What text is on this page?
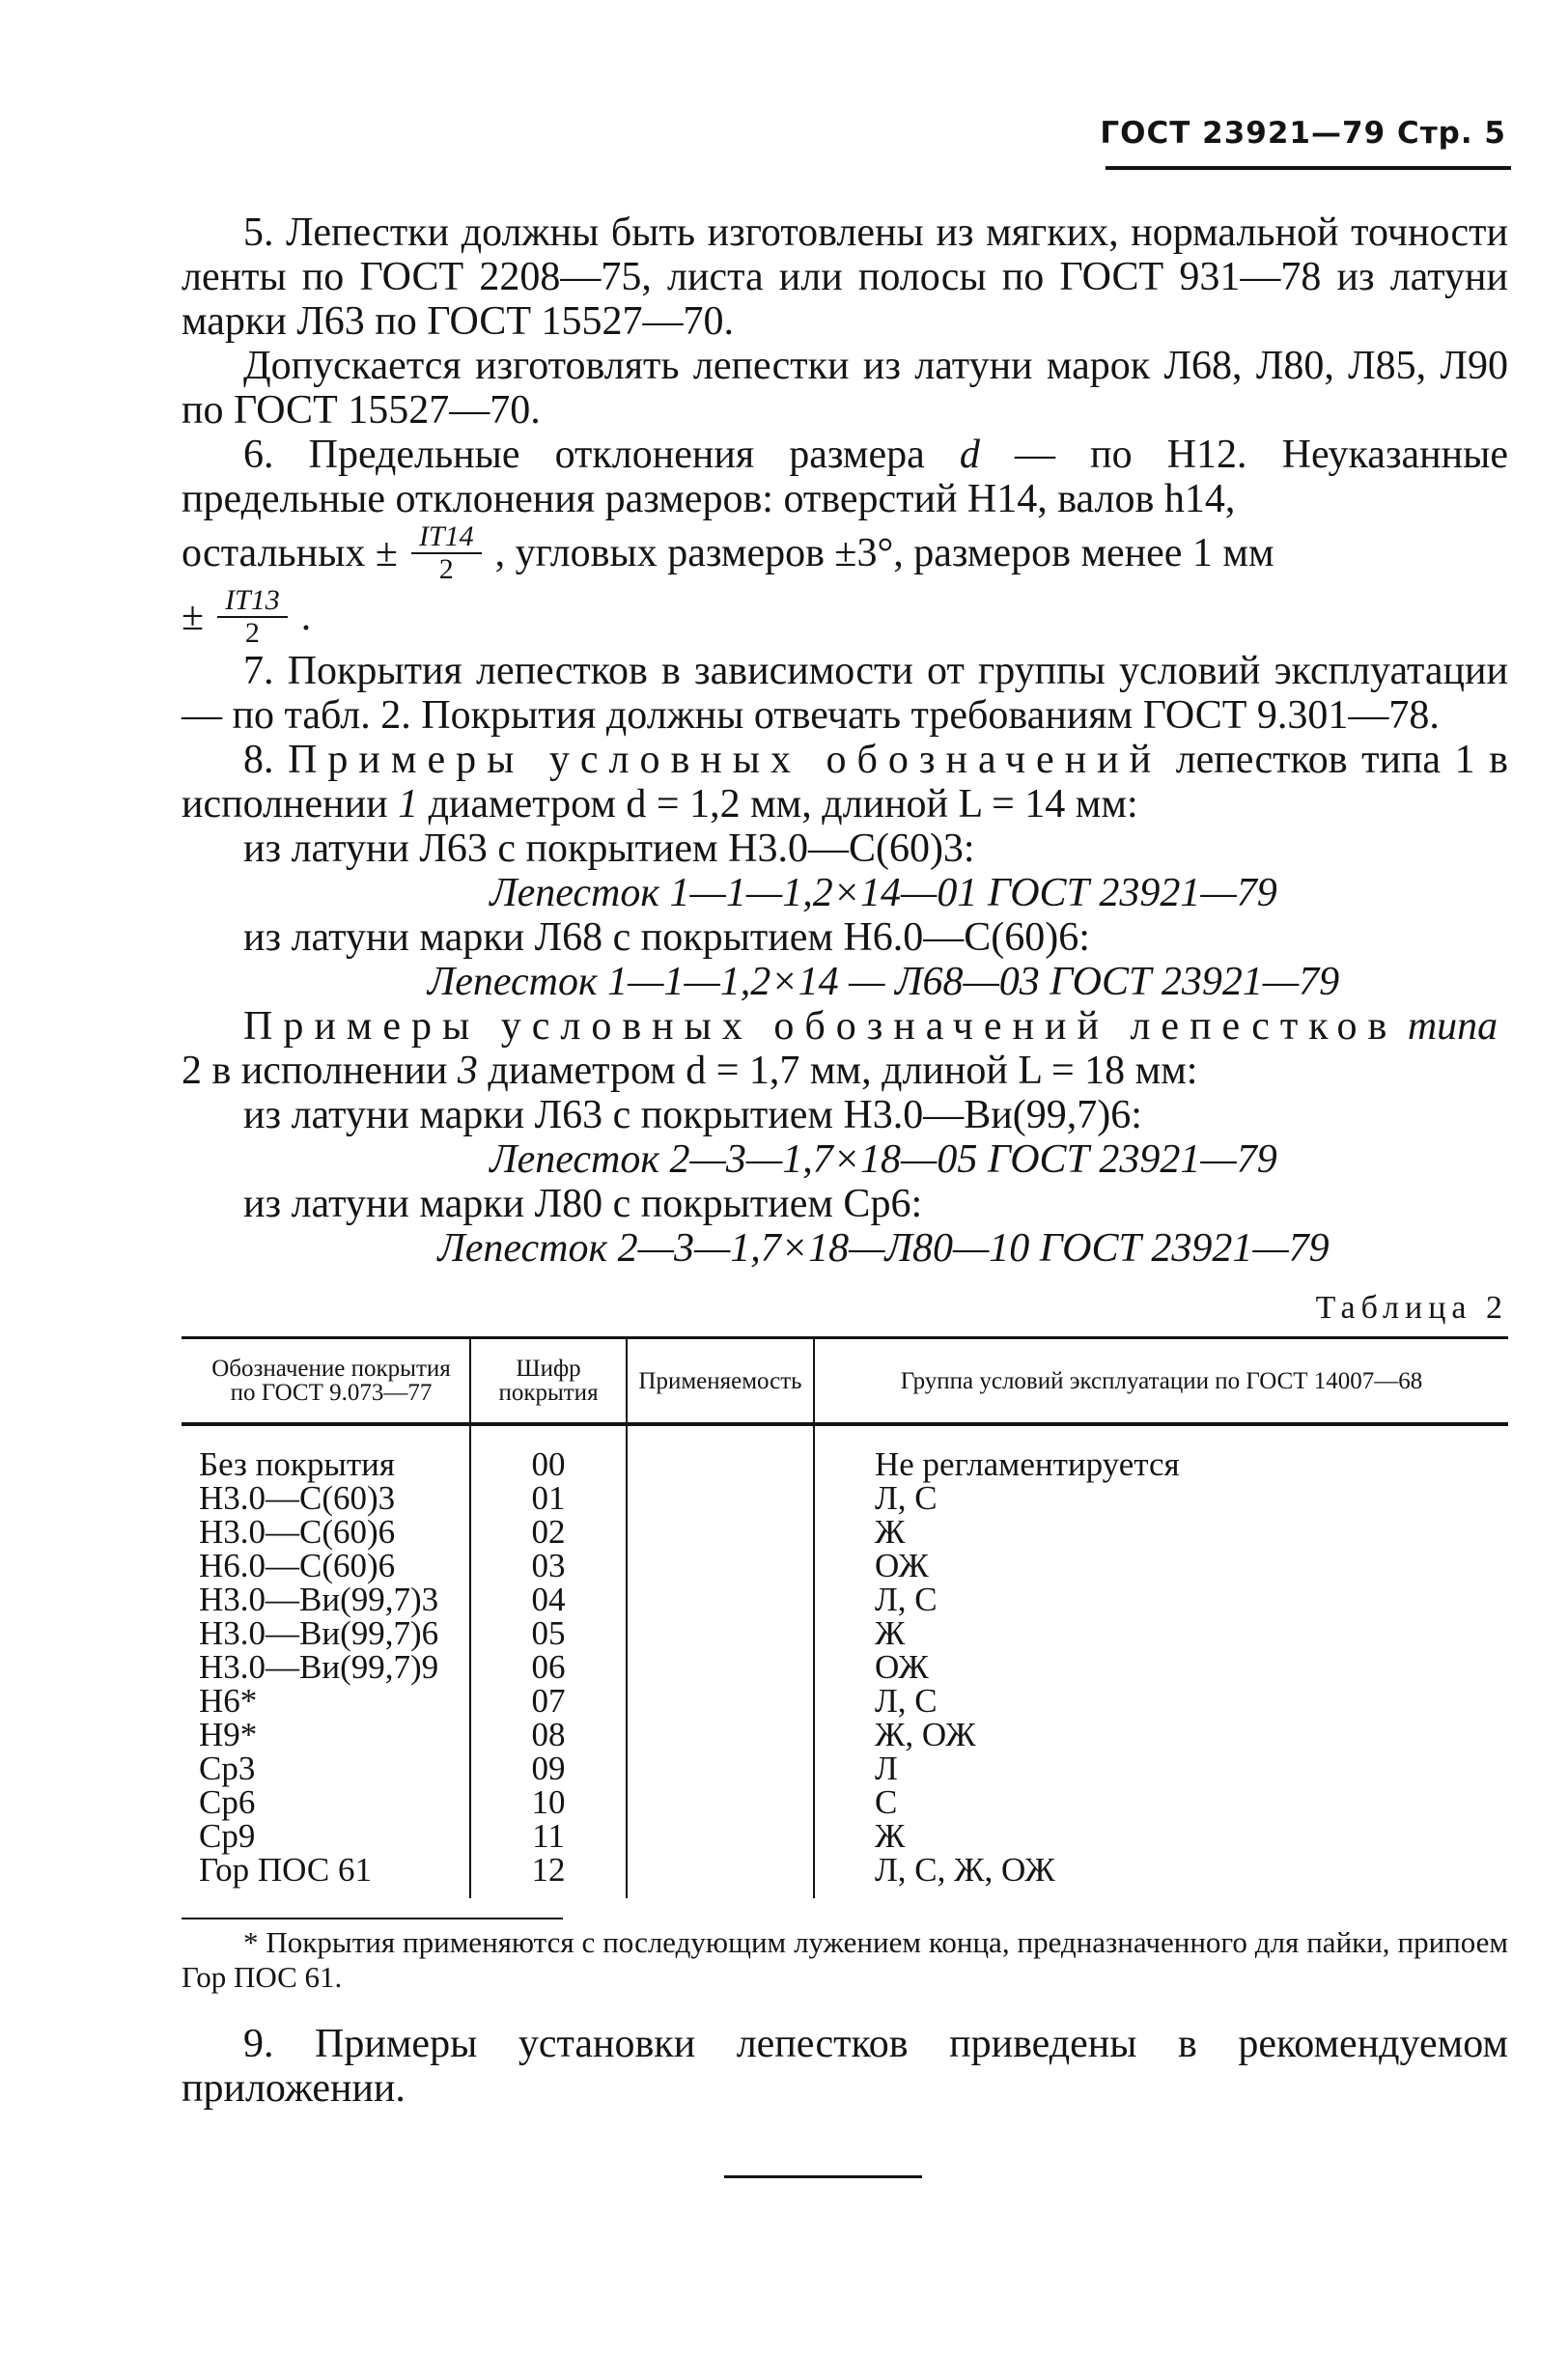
ГОСТ 23921—79 Стр. 5

5. Лепестки должны быть изготовлены из мягких, нормальной точности ленты по ГОСТ 2208—75, листа или полосы по ГОСТ 931—78 из латуни марки Л63 по ГОСТ 15527—70.

Допускается изготовлять лепестки из латуни марок Л68, Л80, Л85, Л90 по ГОСТ 15527—70.

6. Предельные отклонения размера d — по Н12. Неуказанные предельные отклонения размеров: отверстий Н14, валов h14,

остальных ± $\frac{IT14}{2}$ , угловых размеров ±3°, размеров менее 1 мм
± $\frac{IT13}{2}$ .

7. Покрытия лепестков в зависимости от группы условий эксплуатации — по табл. 2. Покрытия должны отвечать требованиям ГОСТ 9.301—78.

8. Примеры условных обозначений лепестков типа 1 в исполнении 1 диаметром d = 1,2 мм, длиной L = 14 мм:

из латуни Л63 с покрытием Н3.0—С(60)3:
Лепесток 1—1—1,2×14—01 ГОСТ 23921—79
из латуни марки Л68 с покрытием Н6.0—С(60)6:
Лепесток 1—1—1,2×14 — Л68—03 ГОСТ 23921—79

Примеры условных обозначений лепестков типа

2 в исполнении 3 диаметром d = 1,7 мм, длиной L = 18 мм:

из латуни марки Л63 с покрытием Н3.0—Ви(99,7)6:
Лепесток 2—3—1,7×18—05 ГОСТ 23921—79
из латуни марки Л80 с покрытием Ср6:
Лепесток 2—3—1,7×18—Л80—10 ГОСТ 23921—79
Таблица 2
Обозначение покрытия по ГОСТ 9.073—77	Шифр покрытия	Применяемость	Группа условий эксплуатации по ГОСТ 14007—68
Без покрытия	00		Не регламентируется
Н3.0—С(60)3	01		Л, С
Н3.0—С(60)6	02		Ж
Н6.0—С(60)6	03		ОЖ
Н3.0—Ви(99,7)3	04		Л, С
Н3.0—Ви(99,7)6	05		Ж
Н3.0—Ви(99,7)9	06		ОЖ
Н6*	07		Л, С
Н9*	08		Ж, ОЖ
Ср3	09		Л
Ср6	10		С
Ср9	11		Ж
Гор ПОС 61	12		Л, С, Ж, ОЖ

* Покрытия применяются с последующим лужением конца, предназначенного для пайки, припоем Гор ПОС 61.

9. Примеры установки лепестков приведены в рекомендуемом приложении.
